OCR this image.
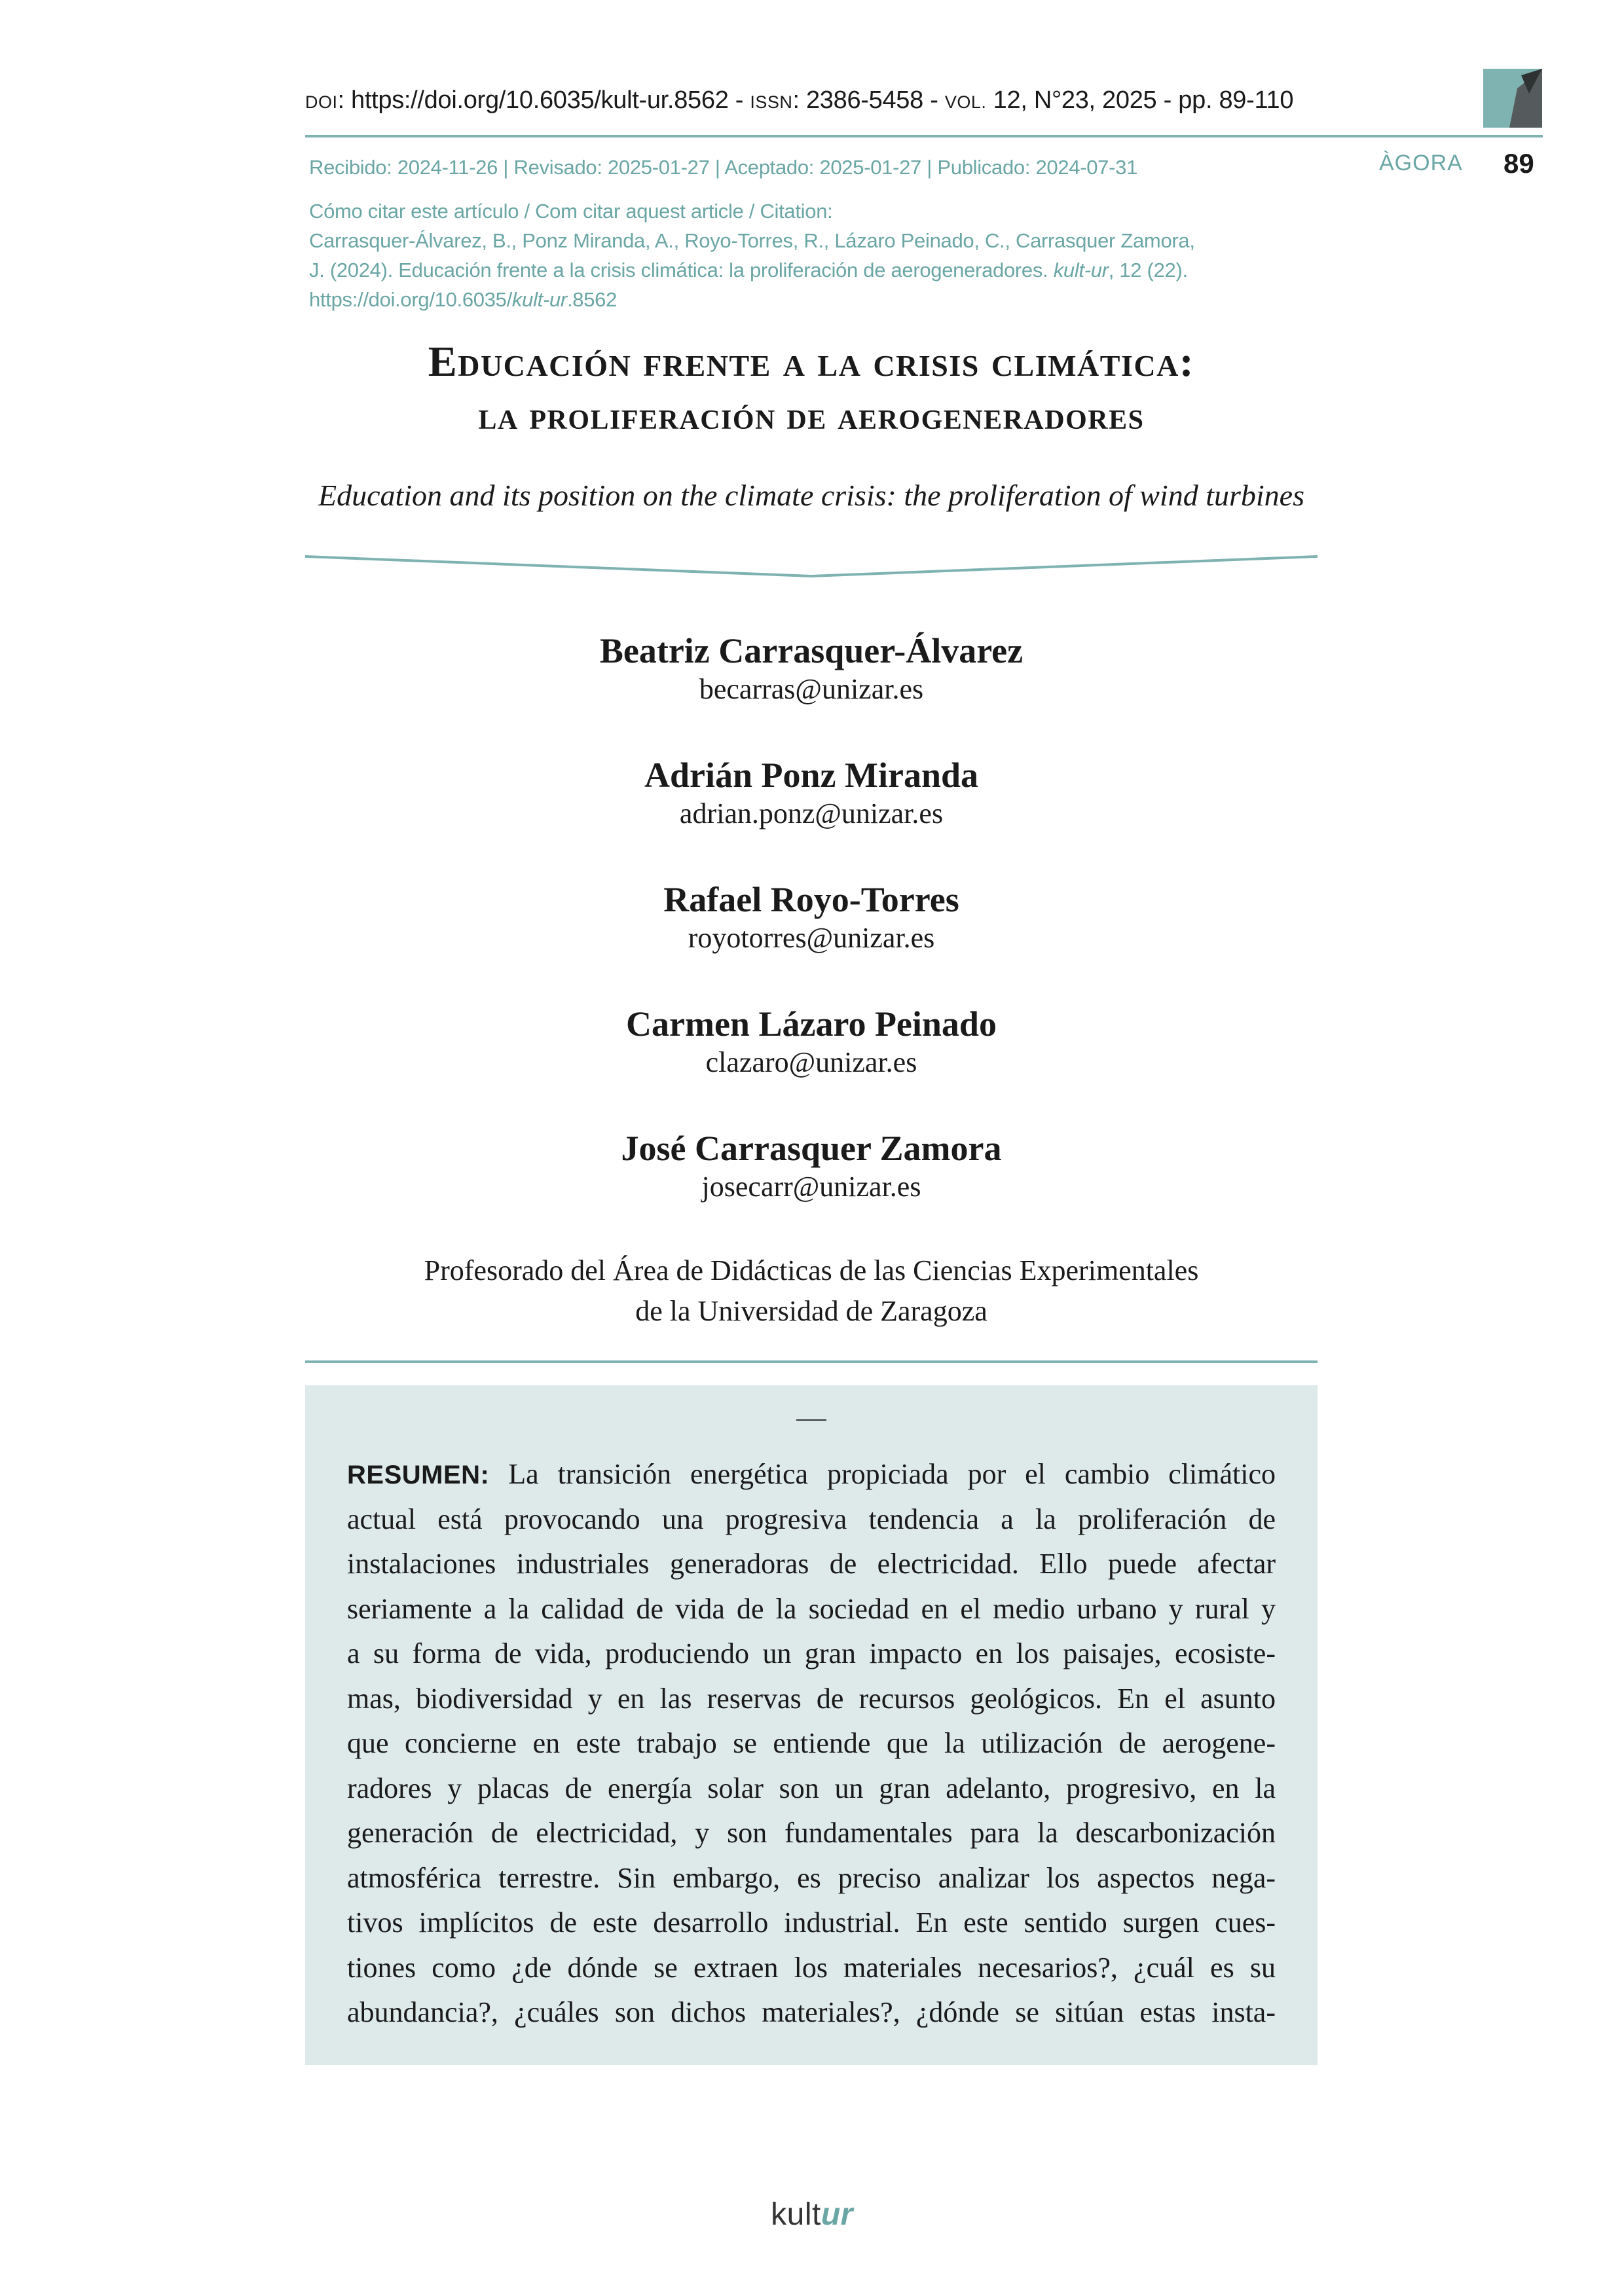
DOI: https://doi.org/10.6035/kult-ur.8562 - ISSN: 2386-5458 - VOL. 12, N°23, 2025 - pp. 89-110
Recibido: 2024-11-26 | Revisado: 2025-01-27 | Aceptado: 2025-01-27 | Publicado: 2024-07-31	ÀGORA 89
Cómo citar este artículo / Com citar aquest article / Citation:
Carrasquer-Álvarez, B., Ponz Miranda, A., Royo-Torres, R., Lázaro Peinado, C., Carrasquer Zamora,
J. (2024). Educación frente a la crisis climática: la proliferación de aerogeneradores. kult-ur, 12 (22).
https://doi.org/10.6035/kult-ur.8562
Educación frente a la crisis climática:
la proliferación de aerogeneradores
Education and its position on the climate crisis: the proliferation of wind turbines
Beatriz Carrasquer-Álvarez
becarras@unizar.es
Adrián Ponz Miranda
adrian.ponz@unizar.es
Rafael Royo-Torres
royotorres@unizar.es
Carmen Lázaro Peinado
clazaro@unizar.es
José Carrasquer Zamora
josecarr@unizar.es
Profesorado del Área de Didácticas de las Ciencias Experimentales
de la Universidad de Zaragoza
RESUMEN: La transición energética propiciada por el cambio climático
actual está provocando una progresiva tendencia a la proliferación de
instalaciones industriales generadoras de electricidad. Ello puede afectar
seriamente a la calidad de vida de la sociedad en el medio urbano y rural y
a su forma de vida, produciendo un gran impacto en los paisajes, ecosiste-
mas, biodiversidad y en las reservas de recursos geológicos. En el asunto
que concierne en este trabajo se entiende que la utilización de aerogene-
radores y placas de energía solar son un gran adelanto, progresivo, en la
generación de electricidad, y son fundamentales para la descarbonización
atmosférica terrestre. Sin embargo, es preciso analizar los aspectos nega-
tivos implícitos de este desarrollo industrial. En este sentido surgen cues-
tiones como ¿de dónde se extraen los materiales necesarios?, ¿cuál es su
abundancia?, ¿cuáles son dichos materiales?, ¿dónde se sitúan estas insta-
kultur
